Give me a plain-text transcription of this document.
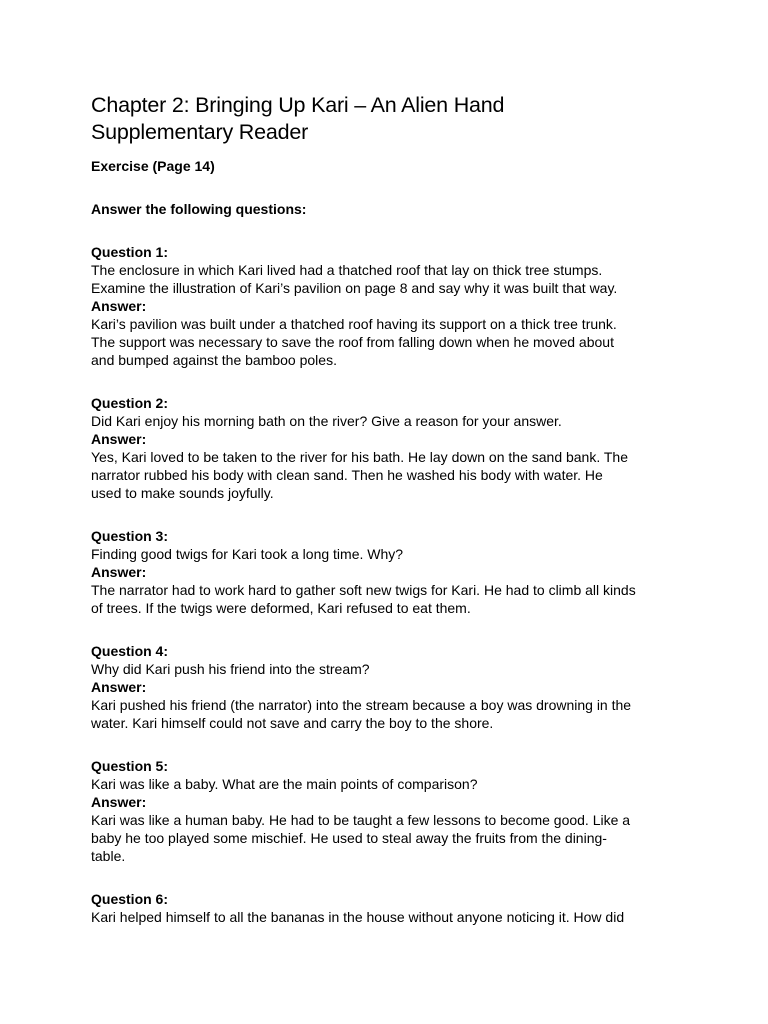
Chapter 2: Bringing Up Kari – An Alien Hand
Supplementary Reader
Exercise (Page 14)
Answer the following questions:
Question 1:
The enclosure in which Kari lived had a thatched roof that lay on thick tree stumps.
Examine the illustration of Kari’s pavilion on page 8 and say why it was built that way.
Answer:
Kari’s pavilion was built under a thatched roof having its support on a thick tree trunk.
The support was necessary to save the roof from falling down when he moved about
and bumped against the bamboo poles.
Question 2:
Did Kari enjoy his morning bath on the river? Give a reason for your answer.
Answer:
Yes, Kari loved to be taken to the river for his bath. He lay down on the sand bank. The
narrator rubbed his body with clean sand. Then he washed his body with water. He
used to make sounds joyfully.
Question 3:
Finding good twigs for Kari took a long time. Why?
Answer:
The narrator had to work hard to gather soft new twigs for Kari. He had to climb all kinds
of trees. If the twigs were deformed, Kari refused to eat them.
Question 4:
Why did Kari push his friend into the stream?
Answer:
Kari pushed his friend (the narrator) into the stream because a boy was drowning in the
water. Kari himself could not save and carry the boy to the shore.
Question 5:
Kari was like a baby. What are the main points of comparison?
Answer:
Kari was like a human baby. He had to be taught a few lessons to become good. Like a
baby he too played some mischief. He used to steal away the fruits from the dining-
table.
Question 6:
Kari helped himself to all the bananas in the house without anyone noticing it. How did
